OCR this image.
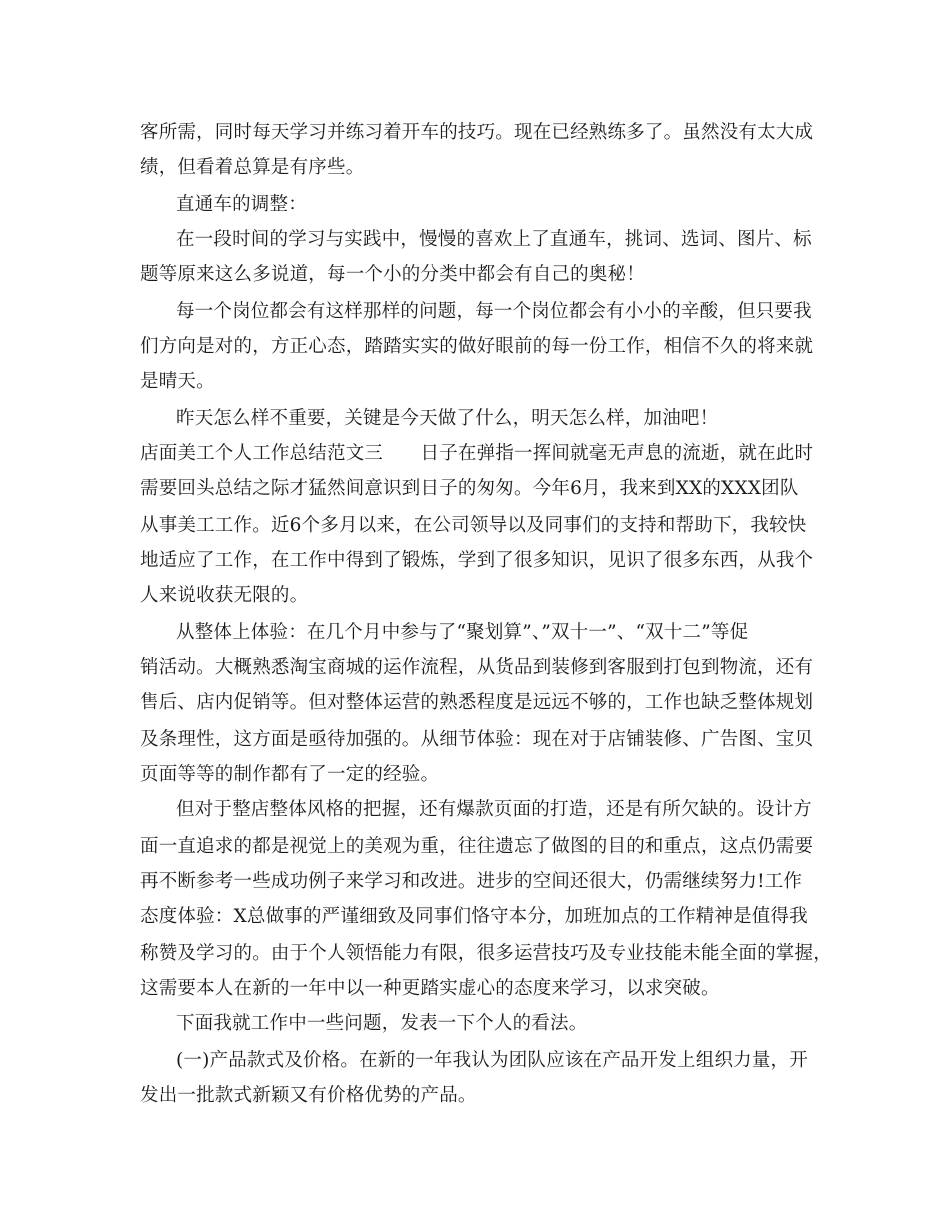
客所需，同时每天学习并练习着开车的技巧。现在已经熟练多了。虽然没有太大成
绩，但看着总算是有序些。
直通车的调整：
在一段时间的学习与实践中，慢慢的喜欢上了直通车，挑词、选词、图片、标
题等原来这么多说道，每一个小的分类中都会有自己的奥秘！
每一个岗位都会有这样那样的问题，每一个岗位都会有小小的辛酸，但只要我
们方向是对的，方正心态，踏踏实实的做好眼前的每一份工作，相信不久的将来就
是晴天。
昨天怎么样不重要，关键是今天做了什么，明天怎么样，加油吧！
店面美工个人工作总结范文三　　日子在弹指一挥间就毫无声息的流逝，就在此时
需要回头总结之际才猛然间意识到日子的匆匆。今年6月，我来到XX的XXX团队
从事美工工作。近6个多月以来，在公司领导以及同事们的支持和帮助下，我较快
地适应了工作，在工作中得到了锻炼，学到了很多知识，见识了很多东西，从我个
人来说收获无限的。
从整体上体验：在几个月中参与了“聚划算”、”双十一”、“双十二”等促
销活动。大概熟悉淘宝商城的运作流程，从货品到装修到客服到打包到物流，还有
售后、店内促销等。但对整体运营的熟悉程度是远远不够的，工作也缺乏整体规划
及条理性，这方面是亟待加强的。从细节体验：现在对于店铺装修、广告图、宝贝
页面等等的制作都有了一定的经验。
但对于整店整体风格的把握，还有爆款页面的打造，还是有所欠缺的。设计方
面一直追求的都是视觉上的美观为重，往往遗忘了做图的目的和重点，这点仍需要
再不断参考一些成功例子来学习和改进。进步的空间还很大，仍需继续努力!工作
态度体验：X总做事的严谨细致及同事们恪守本分，加班加点的工作精神是值得我
称赞及学习的。由于个人领悟能力有限，很多运营技巧及专业技能未能全面的掌握，
这需要本人在新的一年中以一种更踏实虚心的态度来学习，以求突破。
下面我就工作中一些问题，发表一下个人的看法。
(一)产品款式及价格。在新的一年我认为团队应该在产品开发上组织力量，开
发出一批款式新颖又有价格优势的产品。
